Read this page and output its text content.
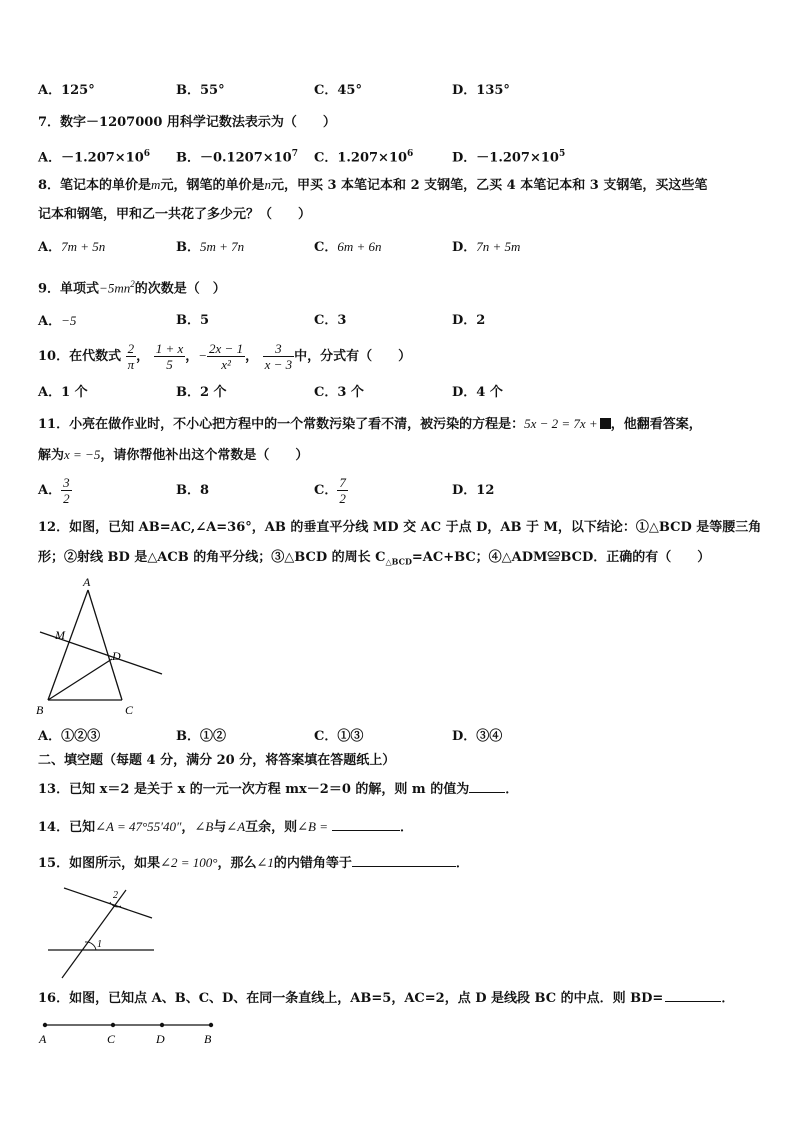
A．125°	B．55°	C．45°	D．135°
7．数字－1207000 用科学记数法表示为（　　）
A．$-1.207\times 10^6$ B．$-0.1207\times 10^7$ C．$1.207\times 10^6$	D．$-1.207\times 10^5$
8．笔记本的单价是m元，钢笔的单价是n元，甲买 3 本笔记本和 2 支钢笔，乙买 4 本笔记本和 3 支钢笔，买这些笔
记本和钢笔，甲和乙一共花了多少元？（　　）
A．7m + 5n	B．5m + 7n	C．6m + 6n	D．7n + 5m
9．单项式$-5mn^2$的次数是（　）
A．−5	B．5	C．3	D．2
10．在代数式 $\frac{2}{\pi}$ ， $\frac{1 + x}{5}$ ，− $\frac{2x - 1}{\text{x²}}$ ， $\frac{3}{x - 3}$ 中，分式有（　　）
A．1 个	B．2 个	C．3 个	D．4 个
11．小亮在做作业时，不小心把方程中的一个常数污染了看不清，被污染的方程是：5x − 2 = 7x + ，他翻看答案，
解为x = −5，请你帮他补出这个常数是（　　）
A． $\frac{3}{2}$	B．8	C． $\frac{7}{2}$	D．12
12．如图，已知 AB=AC,∠A=36°，AB 的垂直平分线 MD 交 AC 于点 D，AB 于 M，以下结论：①△BCD 是等腰三角
形；②射线 BD 是△ACB 的角平分线；③△BCD 的周长 $C_{\triangle BCD}=AC+BC$；④△ADM≌BCD．正确的有（　　）
A
M
D
B	C
A．①②③	B．①②	C．①③	D．③④
二、填空题（每题 4 分，满分 20 分，将答案填在答题纸上）
13．已知 x＝2 是关于 x 的一元一次方程 mx－2＝0 的解，则 m 的值为	．
14．已知∠A = 47°55′40″，∠B与∠A互余，则∠B =	．
15．如图所示，如果∠2 = 100°，那么∠1的内错角等于	．
2
1
16．如图，已知点 A、B、C、D、在同一条直线上，AB=5，AC=2，点 D 是线段 BC 的中点．则 BD=	．
A	C	D	B
